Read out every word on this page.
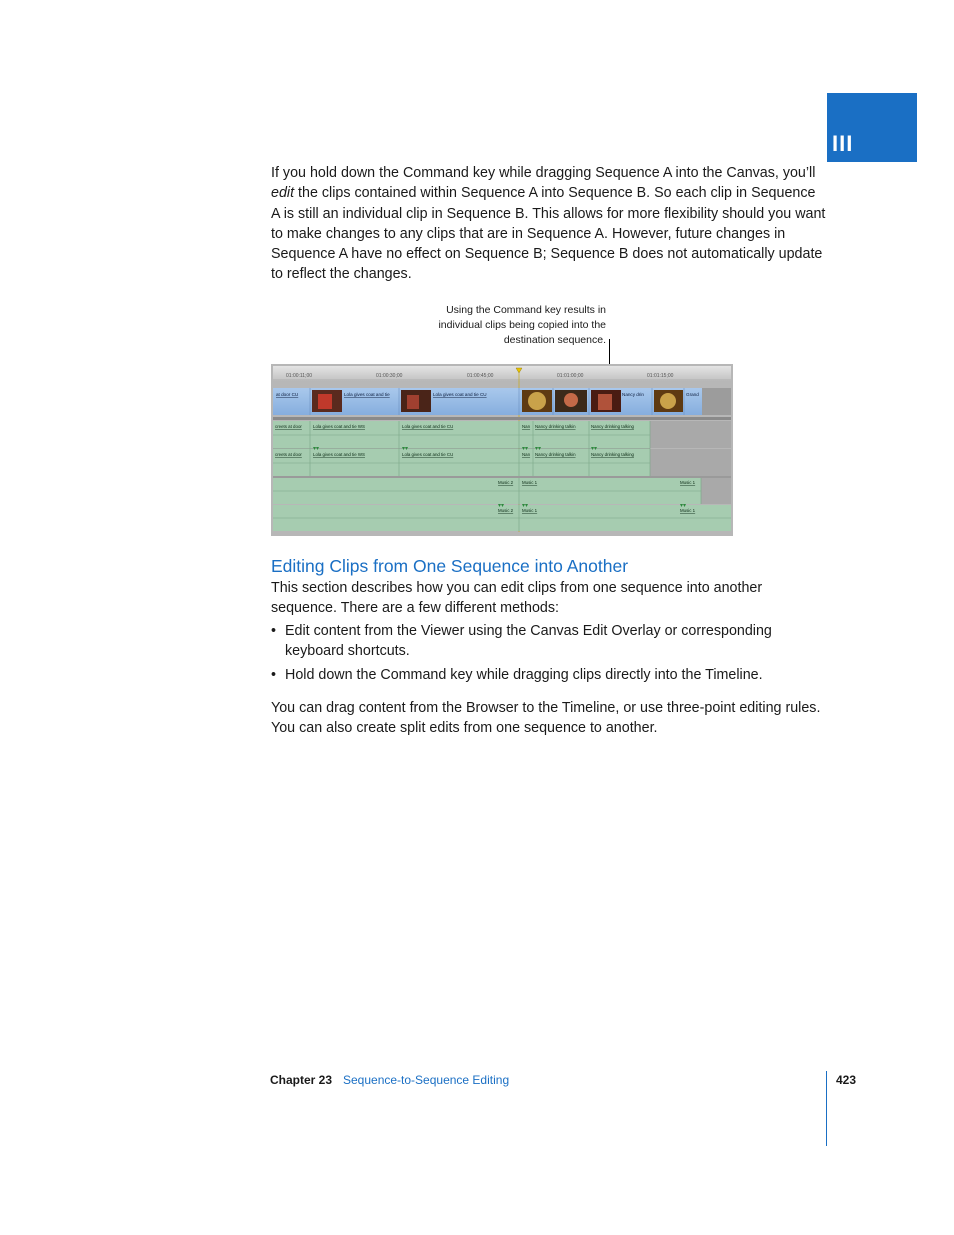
III

If you hold down the Command key while dragging Sequence A into the Canvas, you’ll edit the clips contained within Sequence A into Sequence B. So each clip in Sequence A is still an individual clip in Sequence B. This allows for more flexibility should you want to make changes to any clips that are in Sequence A. However, future changes in Sequence A have no effect on Sequence B; Sequence B does not automatically update to reflect the changes.

Using the Command key results in individual clips being copied into the destination sequence.
01:00:11;00	01:00:30;00	01:00:45;00	01:01:00;00	01:01:15;00
at door CU	Lola gives coat and tie	Lola gives coat and tie CU	Nancy drin	Grand
creets at door	Lola gives coat and tie WS	Lola gives coat and tie CU	Nan Nancy drinking talkin	Nancy drinking talking
creets at door	Lola gives coat and tie WS	Lola gives coat and tie CU	Nan Nancy drinking talkin	Nancy drinking talking
▾▾	▾▾	▾▾ ▾▾	▾▾
Music 2 Music 1	Music 1
Music 2 Music 1	Music 1
▾▾	▾▾	▾▾
Editing Clips from One Sequence into Another

This section describes how you can edit clips from one sequence into another sequence. There are a few different methods:

• Edit content from the Viewer using the Canvas Edit Overlay or corresponding keyboard shortcuts.
• Hold down the Command key while dragging clips directly into the Timeline.

You can drag content from the Browser to the Timeline, or use three-point editing rules. You can also create split edits from one sequence to another.

Chapter 23 Sequence-to-Sequence Editing	423
